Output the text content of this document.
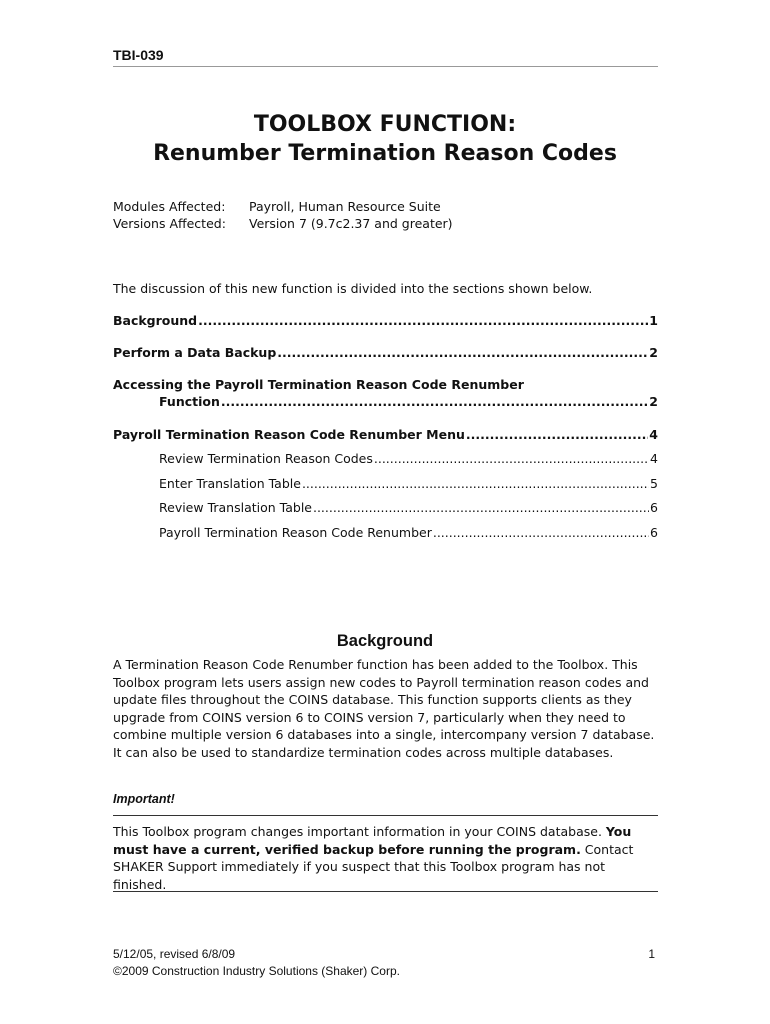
TBI-039
TOOLBOX FUNCTION:
Renumber Termination Reason Codes
Modules Affected: Payroll, Human Resource Suite
Versions Affected: Version 7 (9.7c2.37 and greater)
The discussion of this new function is divided into the sections shown below.
Background .....	1
Perform a Data Backup .....	2
Accessing the Payroll Termination Reason Code Renumber
Function .....	2
Payroll Termination Reason Code Renumber Menu .....	4
Review Termination Reason Codes .....	4
Enter Translation Table .....	5
Review Translation Table .....	6
Payroll Termination Reason Code Renumber .....	6
Background
A Termination Reason Code Renumber function has been added to the Toolbox. This Toolbox program lets users assign new codes to Payroll termination reason codes and update files throughout the COINS database. This function supports clients as they upgrade from COINS version 6 to COINS version 7, particularly when they need to combine multiple version 6 databases into a single, intercompany version 7 database. It can also be used to standardize termination codes across multiple databases.
Important!
This Toolbox program changes important information in your COINS database. You must have a current, verified backup before running the program. Contact SHAKER Support immediately if you suspect that this Toolbox program has not finished.
5/12/05, revised 6/8/09	1
©2009 Construction Industry Solutions (Shaker) Corp.
